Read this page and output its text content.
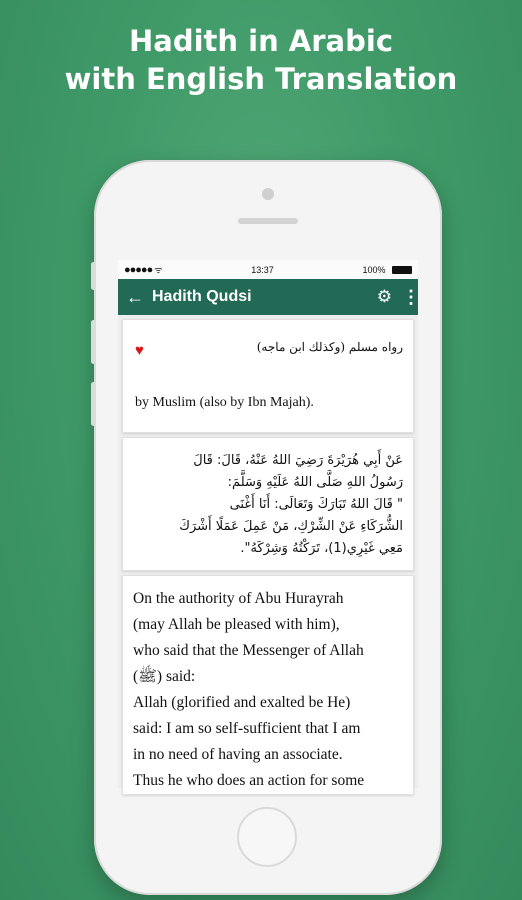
Hadith in Arabic
with English Translation
●●●●● ᯤ	13:37	100%
← Hadith Qudsi	⚙ ⋮
♥	رواه مسلم (وكذلك ابن ماجه)
by Muslim (also by Ibn Majah).
عَنْ أَبِي هُرَيْرَةَ رَضِيَ اللهُ عَنْهُ، قَالَ: قَالَ
رَسُولُ اللهِ صَلَّى اللهُ عَلَيْهِ وَسَلَّمَ:
" قَالَ اللهُ تَبَارَكَ وَتَعَالَى: أَنَا أَغْنَى
الشُّرَكَاءِ عَنْ الشِّرْكِ، مَنْ عَمِلَ عَمَلًا أَشْرَكَ
مَعِي غَيْرِي(1)، تَرَكْتُهُ وَشِرْكَهُ".

On the authority of Abu Hurayrah

(may Allah be pleased with him),

who said that the Messenger of Allah

(ﷺ) said:

Allah (glorified and exalted be He)

said: I am so self-sufficient that I am

in no need of having an associate.

Thus he who does an action for some
